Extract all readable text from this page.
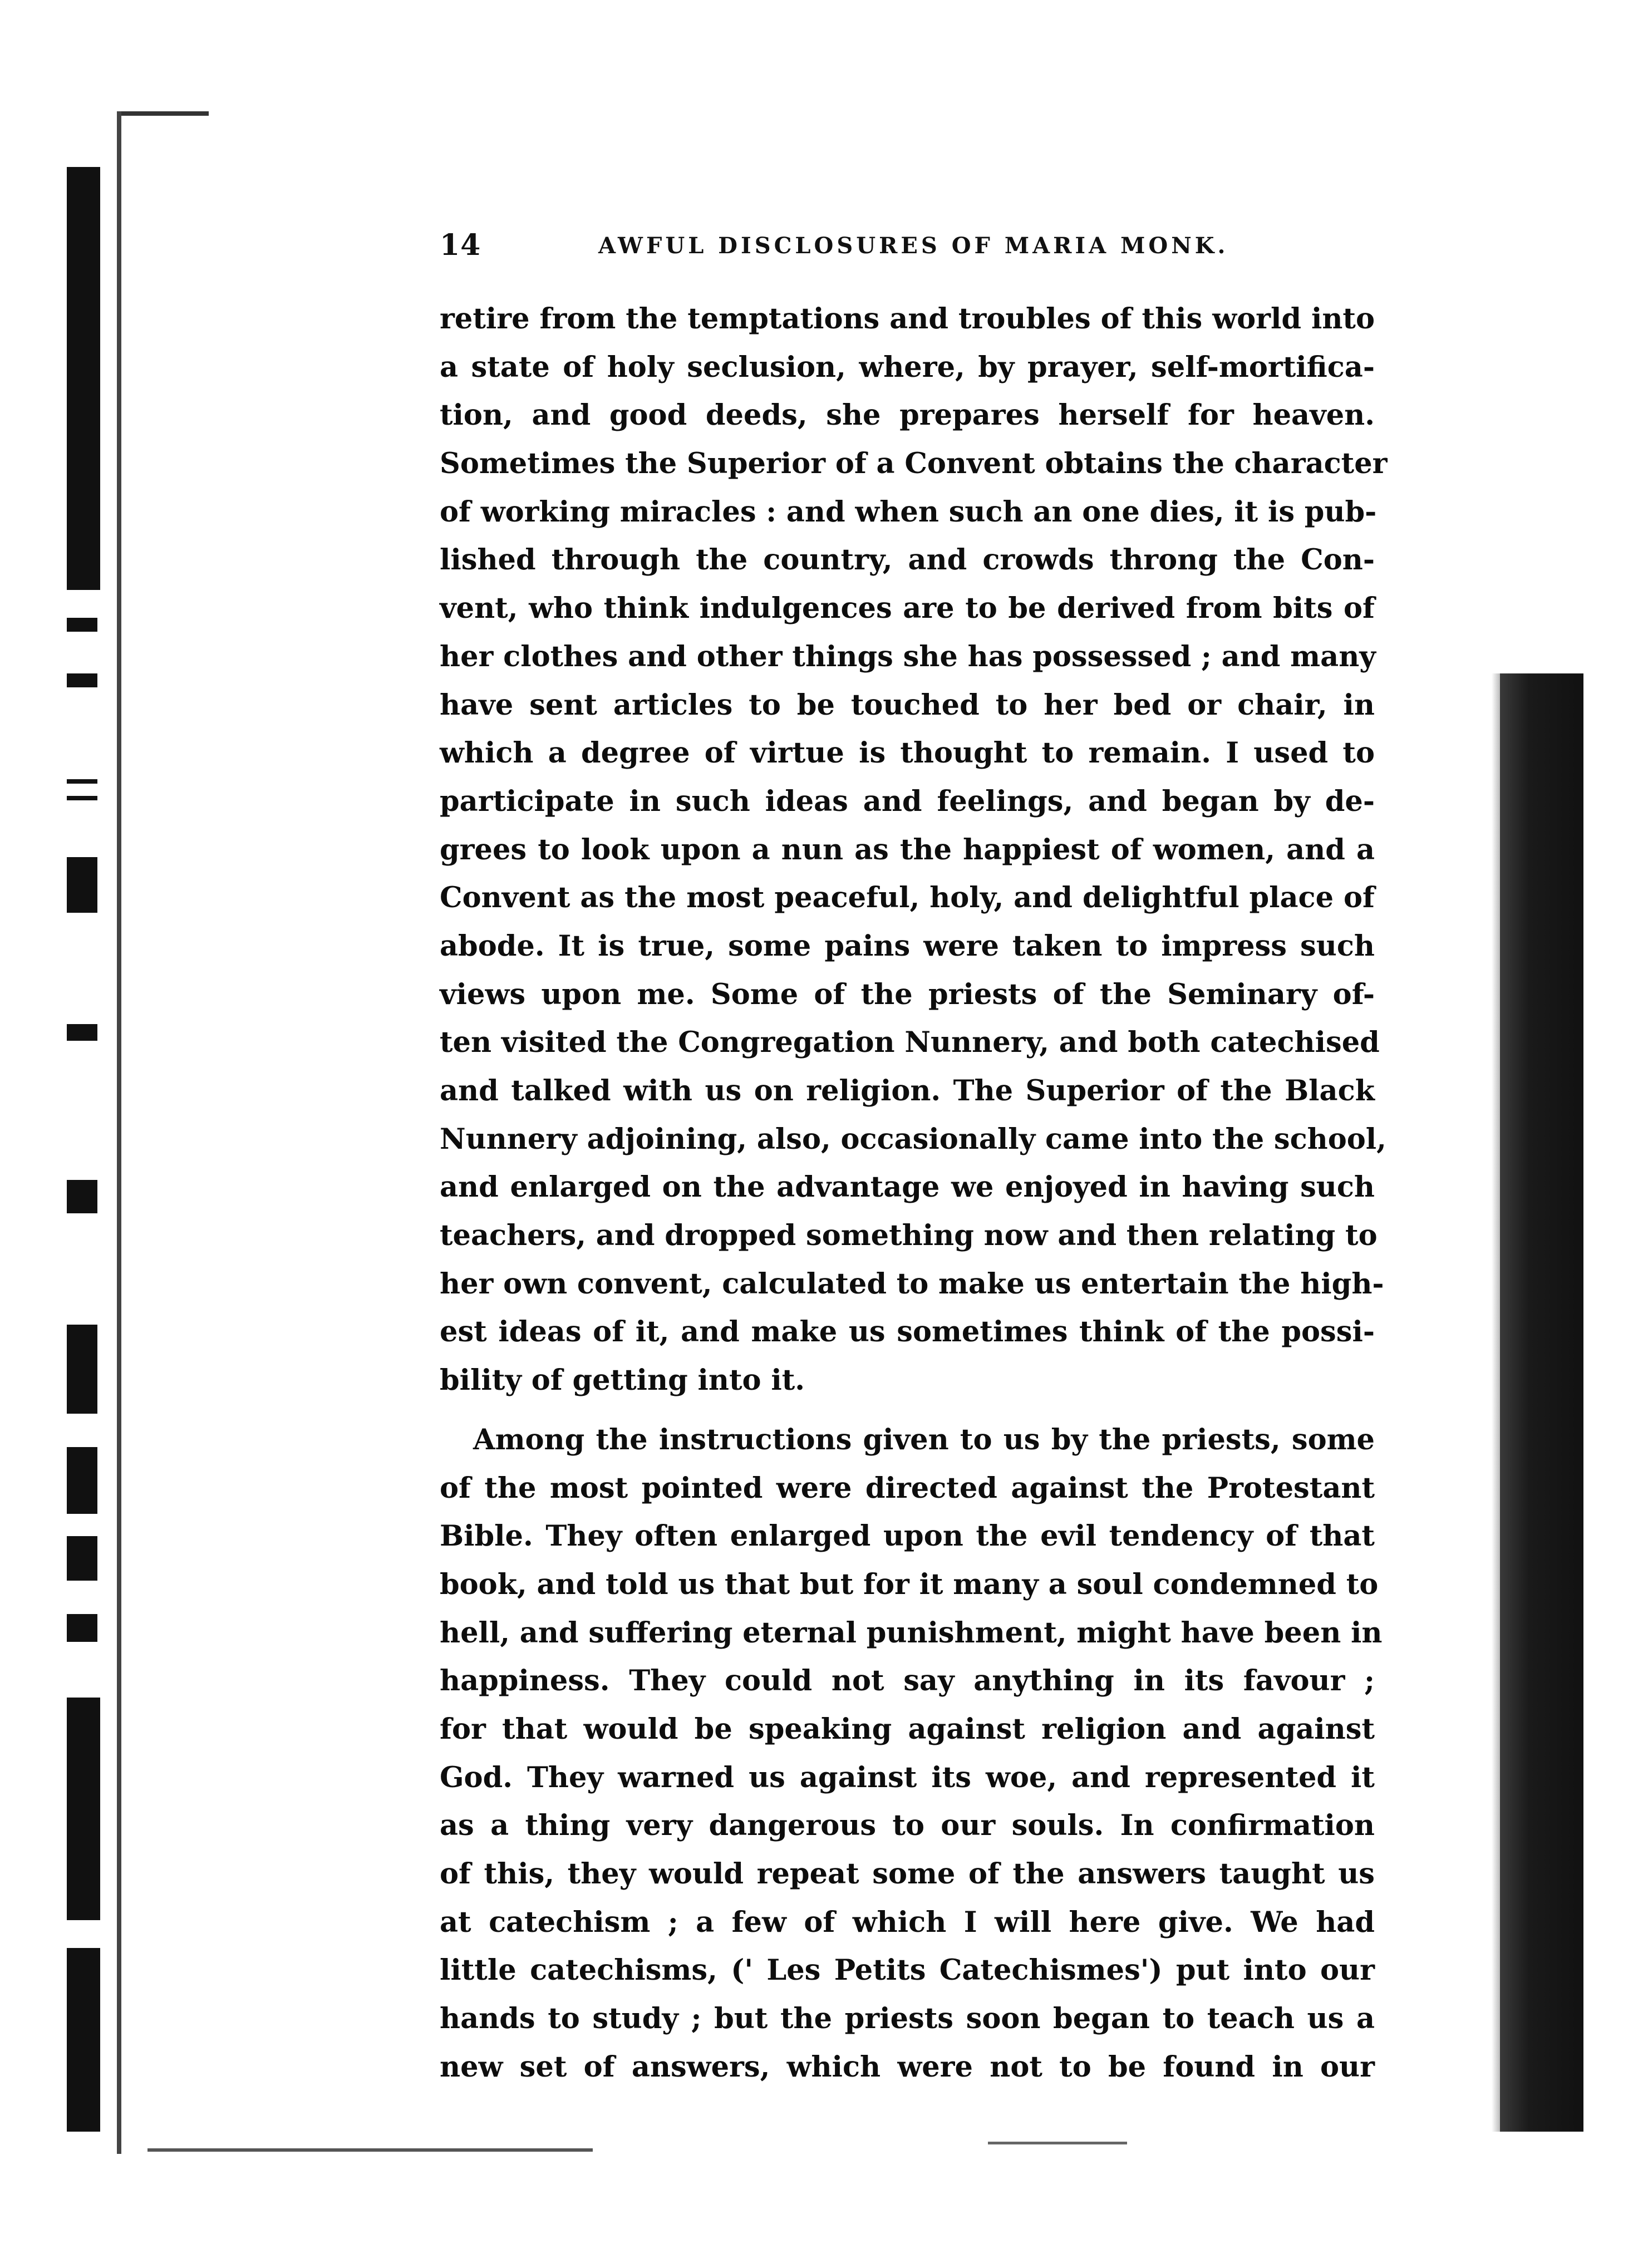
14	AWFUL DISCLOSURES OF MARIA MONK.
retire from the temptations and troubles of this world into
a state of holy seclusion, where, by prayer, self-mortifica-
tion, and good deeds, she prepares herself for heaven.
Sometimes the Superior of a Convent obtains the character
of working miracles : and when such an one dies, it is pub-
lished through the country, and crowds throng the Con-
vent, who think indulgences are to be derived from bits of
her clothes and other things she has possessed ; and many
have sent articles to be touched to her bed or chair, in
which a degree of virtue is thought to remain. I used to
participate in such ideas and feelings, and began by de-
grees to look upon a nun as the happiest of women, and a
Convent as the most peaceful, holy, and delightful place of
abode. It is true, some pains were taken to impress such
views upon me. Some of the priests of the Seminary of-
ten visited the Congregation Nunnery, and both catechised
and talked with us on religion. The Superior of the Black
Nunnery adjoining, also, occasionally came into the school,
and enlarged on the advantage we enjoyed in having such
teachers, and dropped something now and then relating to
her own convent, calculated to make us entertain the high-
est ideas of it, and make us sometimes think of the possi-
bility of getting into it.
Among the instructions given to us by the priests, some
of the most pointed were directed against the Protestant
Bible. They often enlarged upon the evil tendency of that
book, and told us that but for it many a soul condemned to
hell, and suffering eternal punishment, might have been in
happiness. They could not say anything in its favour ;
for that would be speaking against religion and against
God. They warned us against its woe, and represented it
as a thing very dangerous to our souls. In confirmation
of this, they would repeat some of the answers taught us
at catechism ; a few of which I will here give. We had
little catechisms, (' Les Petits Catechismes') put into our
hands to study ; but the priests soon began to teach us a
new set of answers, which were not to be found in our
